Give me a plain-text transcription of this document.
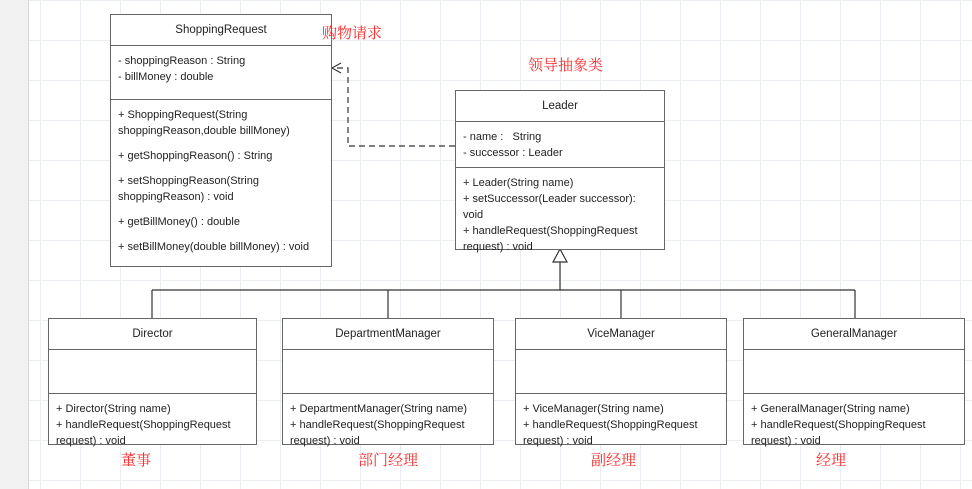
ShoppingRequest
- shoppingReason : String
- billMoney : double
+ ShoppingRequest(String shoppingReason,double billMoney)
+ getShoppingReason() : String
+ setShoppingReason(String shoppingReason) : void
+ getBillMoney() : double
+ setBillMoney(double billMoney) : void
Leader
- name :   String
- successor : Leader
+ Leader(String name)
+ setSuccessor(Leader successor): void
+ handleRequest(ShoppingRequest request) : void
Director
+ Director(String name)
+ handleRequest(ShoppingRequest request) : void
DepartmentManager
+ DepartmentManager(String name)
+ handleRequest(ShoppingRequest request) : void
ViceManager
+ ViceManager(String name)
+ handleRequest(ShoppingRequest request) : void
GeneralManager
+ GeneralManager(String name)
+ handleRequest(ShoppingRequest request) : void
购物请求
领导抽象类
董事	部门经理	副经理	经理
